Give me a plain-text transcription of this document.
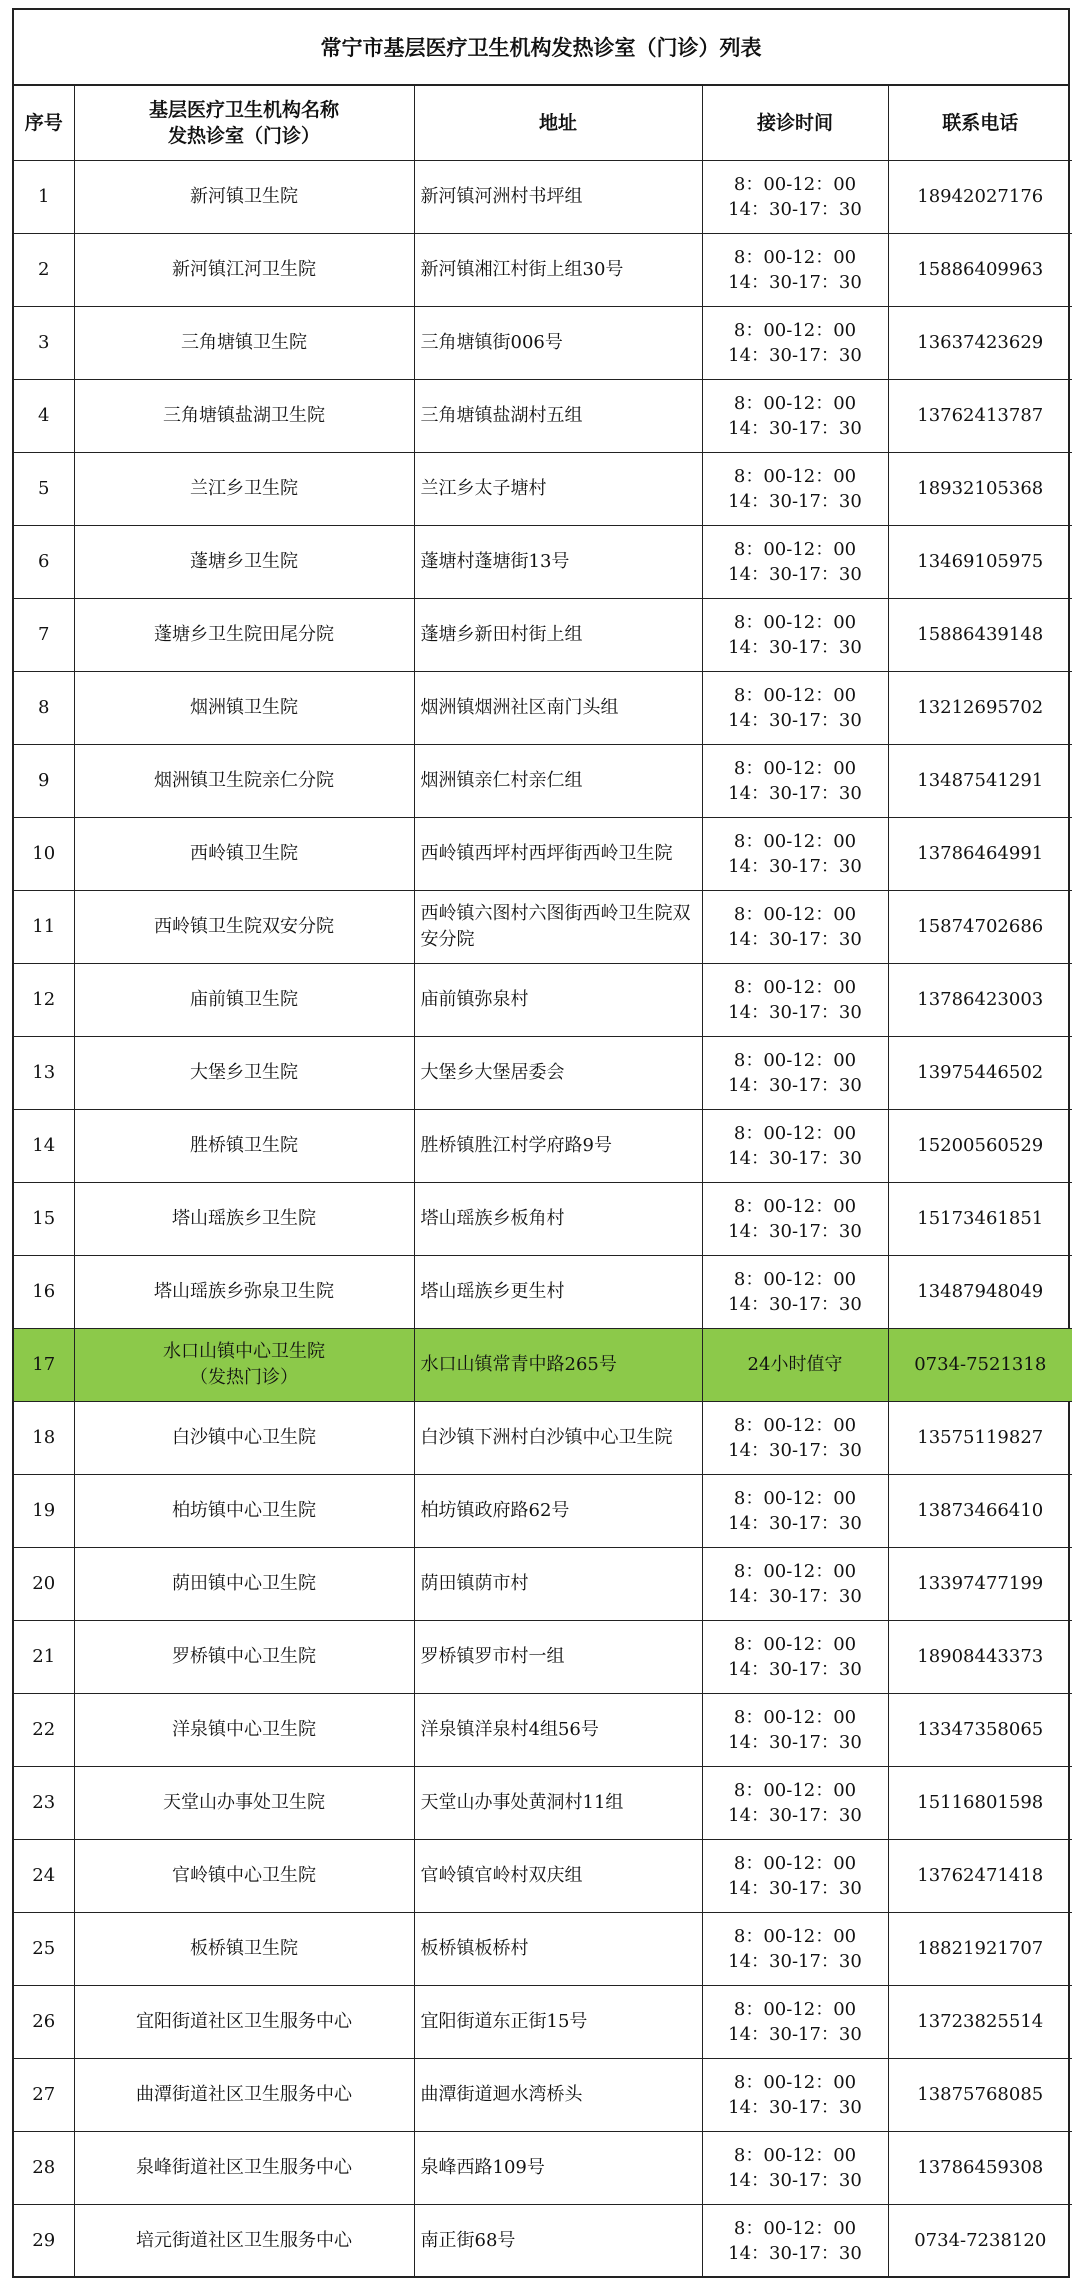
常宁市基层医疗卫生机构发热诊室（门诊）列表
序号	基层医疗卫生机构名称
发热诊室（门诊）	地址	接诊时间	联系电话
1	新河镇卫生院	新河镇河洲村书坪组	8：00-12：00
14：30-17：30	18942027176
2	新河镇江河卫生院	新河镇湘江村街上组30号	8：00-12：00
14：30-17：30	15886409963
3	三角塘镇卫生院	三角塘镇街006号	8：00-12：00
14：30-17：30	13637423629
4	三角塘镇盐湖卫生院	三角塘镇盐湖村五组	8：00-12：00
14：30-17：30	13762413787
5	兰江乡卫生院	兰江乡太子塘村	8：00-12：00
14：30-17：30	18932105368
6	蓬塘乡卫生院	蓬塘村蓬塘街13号	8：00-12：00
14：30-17：30	13469105975
7	蓬塘乡卫生院田尾分院	蓬塘乡新田村街上组	8：00-12：00
14：30-17：30	15886439148
8	烟洲镇卫生院	烟洲镇烟洲社区南门头组	8：00-12：00
14：30-17：30	13212695702
9	烟洲镇卫生院亲仁分院	烟洲镇亲仁村亲仁组	8：00-12：00
14：30-17：30	13487541291
10	西岭镇卫生院	西岭镇西坪村西坪街西岭卫生院	8：00-12：00
14：30-17：30	13786464991
11	西岭镇卫生院双安分院	西岭镇六图村六图街西岭卫生院双安分院	8：00-12：00
14：30-17：30	15874702686
12	庙前镇卫生院	庙前镇弥泉村	8：00-12：00
14：30-17：30	13786423003
13	大堡乡卫生院	大堡乡大堡居委会	8：00-12：00
14：30-17：30	13975446502
14	胜桥镇卫生院	胜桥镇胜江村学府路9号	8：00-12：00
14：30-17：30	15200560529
15	塔山瑶族乡卫生院	塔山瑶族乡板角村	8：00-12：00
14：30-17：30	15173461851
16	塔山瑶族乡弥泉卫生院	塔山瑶族乡更生村	8：00-12：00
14：30-17：30	13487948049
17	水口山镇中心卫生院
（发热门诊）	水口山镇常青中路265号	24小时值守	0734-7521318
18	白沙镇中心卫生院	白沙镇下洲村白沙镇中心卫生院	8：00-12：00
14：30-17：30	13575119827
19	柏坊镇中心卫生院	柏坊镇政府路62号	8：00-12：00
14：30-17：30	13873466410
20	荫田镇中心卫生院	荫田镇荫市村	8：00-12：00
14：30-17：30	13397477199
21	罗桥镇中心卫生院	罗桥镇罗市村一组	8：00-12：00
14：30-17：30	18908443373
22	洋泉镇中心卫生院	洋泉镇洋泉村4组56号	8：00-12：00
14：30-17：30	13347358065
23	天堂山办事处卫生院	天堂山办事处黄洞村11组	8：00-12：00
14：30-17：30	15116801598
24	官岭镇中心卫生院	官岭镇官岭村双庆组	8：00-12：00
14：30-17：30	13762471418
25	板桥镇卫生院	板桥镇板桥村	8：00-12：00
14：30-17：30	18821921707
26	宜阳街道社区卫生服务中心	宜阳街道东正街15号	8：00-12：00
14：30-17：30	13723825514
27	曲潭街道社区卫生服务中心	曲潭街道迴水湾桥头	8：00-12：00
14：30-17：30	13875768085
28	泉峰街道社区卫生服务中心	泉峰西路109号	8：00-12：00
14：30-17：30	13786459308
29	培元街道社区卫生服务中心	南正街68号	8：00-12：00
14：30-17：30	0734-7238120
